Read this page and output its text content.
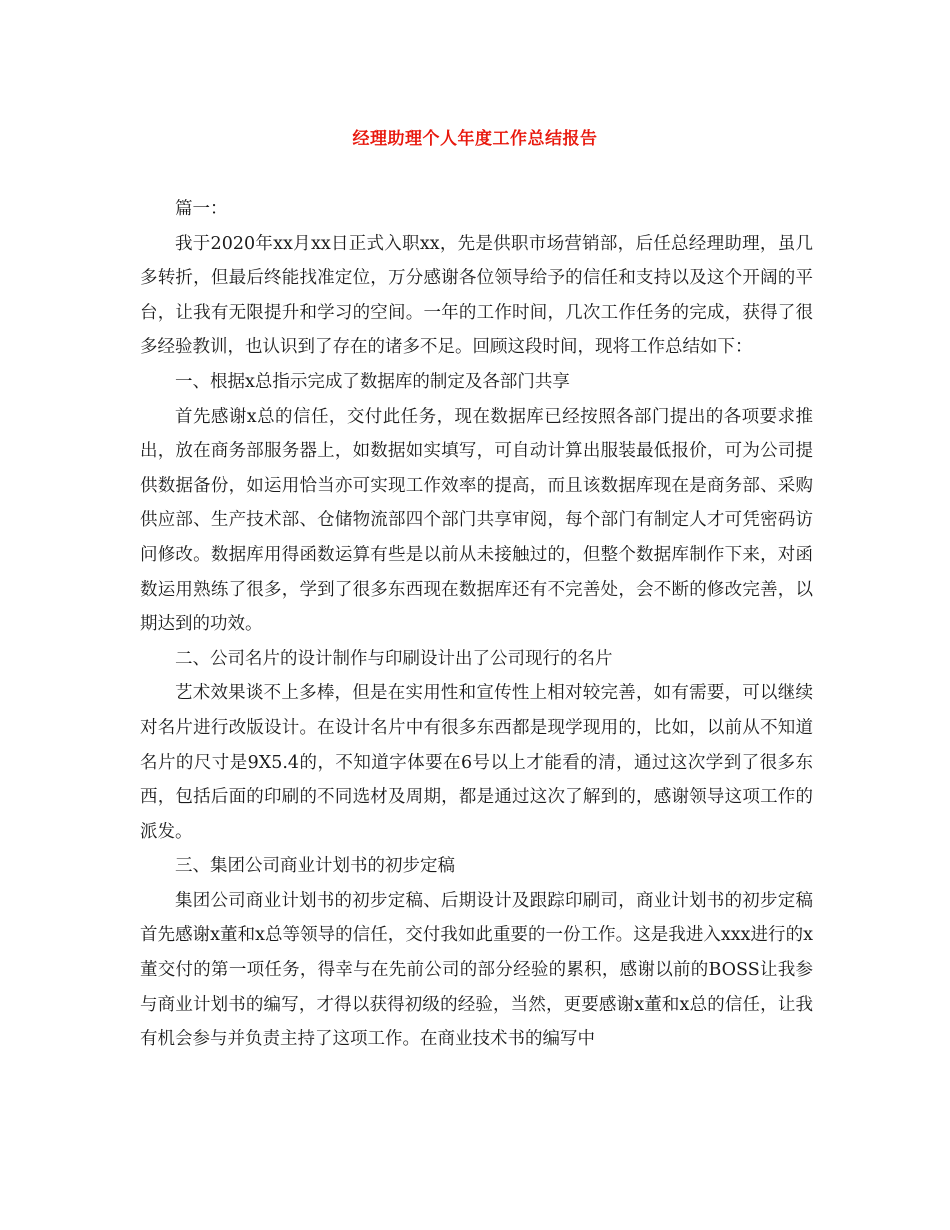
经理助理个人年度工作总结报告

篇一：

我于2020年xx月xx日正式入职xx，先是供职市场营销部，后任总经理助理，虽几多转折，但最后终能找准定位，万分感谢各位领导给予的信任和支持以及这个开阔的平台，让我有无限提升和学习的空间。一年的工作时间，几次工作任务的完成，获得了很多经验教训，也认识到了存在的诸多不足。回顾这段时间，现将工作总结如下：

一、根据x总指示完成了数据库的制定及各部门共享

首先感谢x总的信任，交付此任务，现在数据库已经按照各部门提出的各项要求推出，放在商务部服务器上，如数据如实填写，可自动计算出服装最低报价，可为公司提供数据备份，如运用恰当亦可实现工作效率的提高，而且该数据库现在是商务部、采购供应部、生产技术部、仓储物流部四个部门共享审阅，每个部门有制定人才可凭密码访问修改。数据库用得函数运算有些是以前从未接触过的，但整个数据库制作下来，对函数运用熟练了很多，学到了很多东西现在数据库还有不完善处，会不断的修改完善，以期达到的功效。

二、公司名片的设计制作与印刷设计出了公司现行的名片

艺术效果谈不上多棒，但是在实用性和宣传性上相对较完善，如有需要，可以继续对名片进行改版设计。在设计名片中有很多东西都是现学现用的，比如，以前从不知道名片的尺寸是9X5.4的，不知道字体要在6号以上才能看的清，通过这次学到了很多东西，包括后面的印刷的不同选材及周期，都是通过这次了解到的，感谢领导这项工作的派发。

三、集团公司商业计划书的初步定稿

集团公司商业计划书的初步定稿、后期设计及跟踪印刷司，商业计划书的初步定稿首先感谢x董和x总等领导的信任，交付我如此重要的一份工作。这是我进入xxx进行的x董交付的第一项任务，得幸与在先前公司的部分经验的累积，感谢以前的BOSS让我参与商业计划书的编写，才得以获得初级的经验，当然，更要感谢x董和x总的信任，让我有机会参与并负责主持了这项工作。在商业技术书的编写中
